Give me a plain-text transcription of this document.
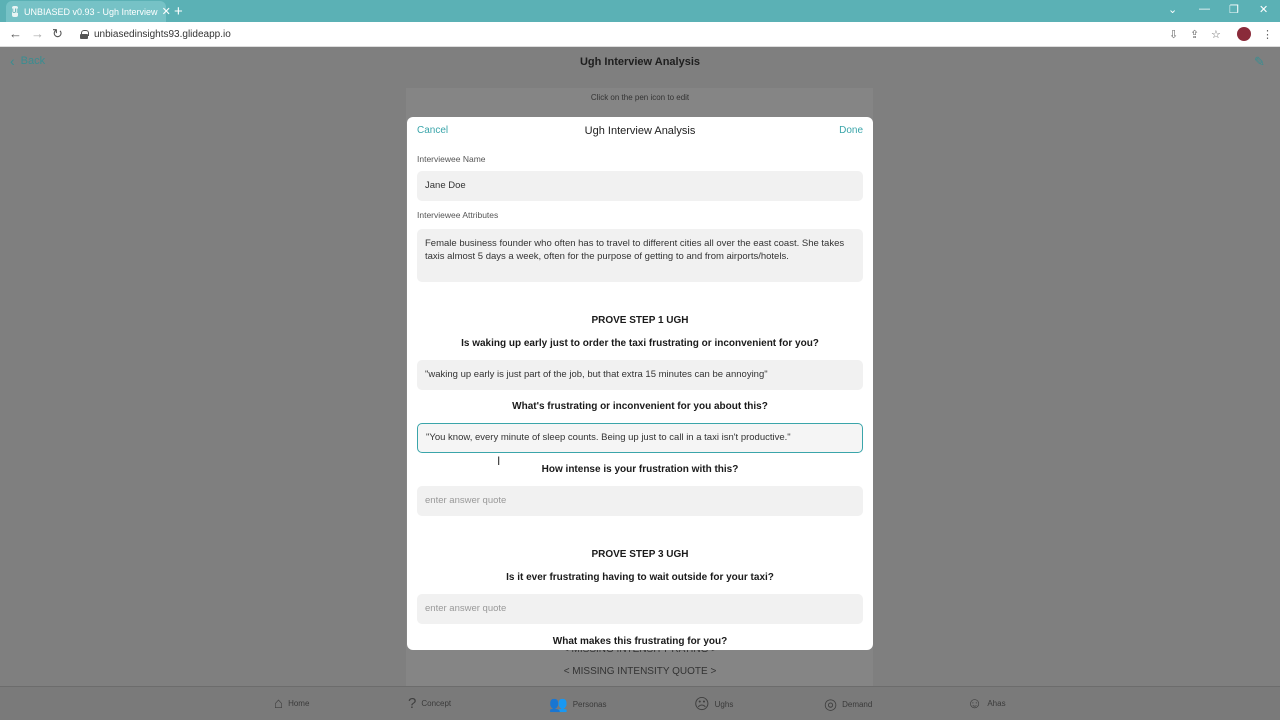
UI UNBIASED v0.93 - Ugh Interview ✕ +	⌄ — ❐ ✕
← → ↻	unbiasedinsights93.glideapp.io	⇩ ⇪ ☆	⋮
‹ Back	Ugh Interview Analysis	✎
Click on the pen icon to edit
< MISSING INTENSITY QUOTE >
⌂ Home	? Concept	👥 Personas	☹ Ughs	◎ Demand	☺ Ahas
Cancel	Ugh Interview Analysis	Done
Interviewee Name
Jane Doe
Interviewee Attributes
Female business founder who often has to travel to different cities all over the east coast. She takes taxis almost 5 days a week, often for the purpose of getting to and from airports/hotels.
PROVE STEP 1 UGH
Is waking up early just to order the taxi frustrating or inconvenient for you?
"waking up early is just part of the job, but that extra 15 minutes can be annoying"
What's frustrating or inconvenient for you about this?
"You know, every minute of sleep counts. Being up just to call in a taxi isn't productive."
How intense is your frustration with this?
enter answer quote
PROVE STEP 3 UGH
Is it ever frustrating having to wait outside for your taxi?
enter answer quote
What makes this frustrating for you?
I
